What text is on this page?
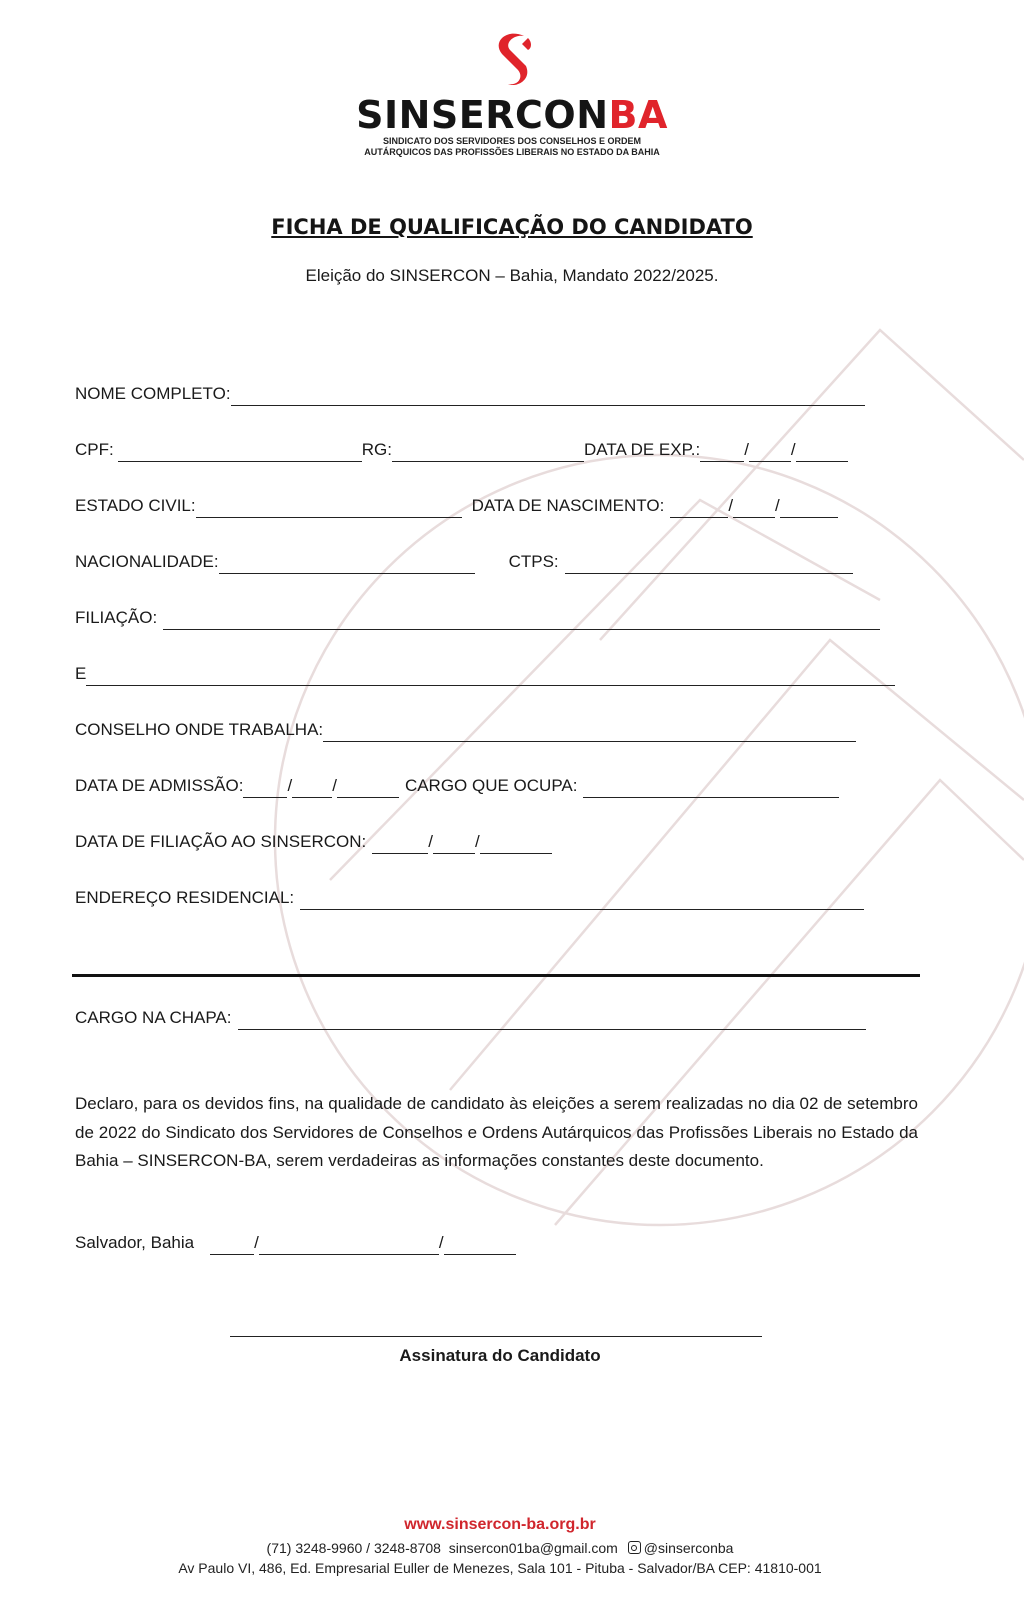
SINSERCONBA
SINDICATO DOS SERVIDORES DOS CONSELHOS E ORDEM
AUTÁRQUICOS DAS PROFISSÕES LIBERAIS NO ESTADO DA BAHIA
FICHA DE QUALIFICAÇÃO DO CANDIDATO
Eleição do SINSERCON – Bahia, Mandato 2022/2025.
NOME COMPLETO:
CPF:	RG:	DATA DE EXP.:	/ /
ESTADO CIVIL:	DATA DE NASCIMENTO:	/ /
NACIONALIDADE:	CTPS:
FILIAÇÃO:
E
CONSELHO ONDE TRABALHA:
DATA DE ADMISSÃO:	/ /	CARGO QUE OCUPA:
DATA DE FILIAÇÃO AO SINSERCON:	/ /
ENDEREÇO RESIDENCIAL:
CARGO NA CHAPA:
Declaro, para os devidos fins, na qualidade de candidato às eleições a serem realizadas no dia 02 de setembro de 2022 do Sindicato dos Servidores de Conselhos e Ordens Autárquicos das Profissões Liberais no Estado da Bahia – SINSERCON-BA, serem verdadeiras as informações constantes deste documento.
Salvador, Bahia	/	/
Assinatura do Candidato
www.sinsercon-ba.org.br
(71) 3248-9960 / 3248-8708 sinsercon01ba@gmail.com @sinserconba
Av Paulo VI, 486, Ed. Empresarial Euller de Menezes, Sala 101 - Pituba - Salvador/BA CEP: 41810-001
